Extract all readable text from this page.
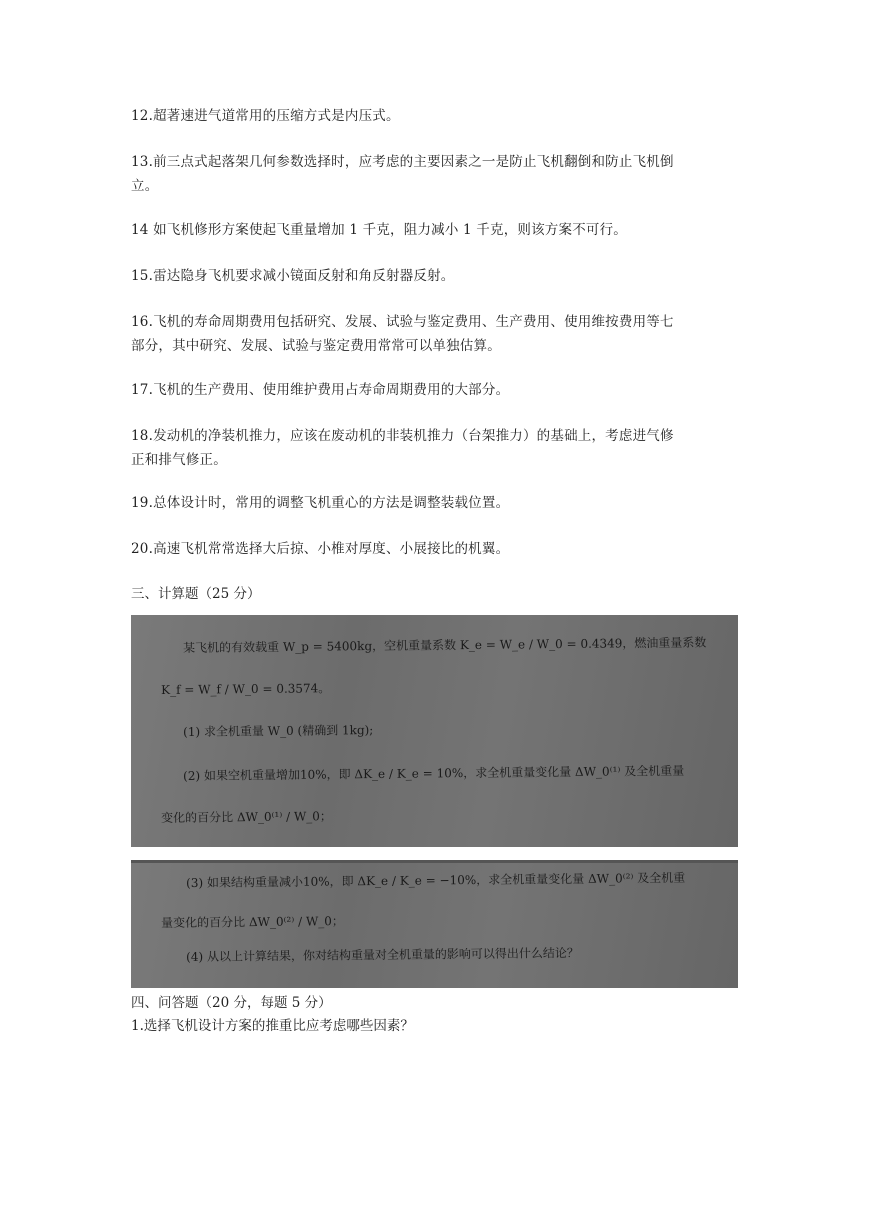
12.超著速进气道常用的压缩方式是内压式。

13.前三点式起落架几何参数选择时，应考虑的主要因素之一是防止飞机翻倒和防止飞机倒
立。

14 如飞机修形方案使起飞重量增加 1 千克，阻力减小 1 千克，则该方案不可行。

15.雷达隐身飞机要求减小镜面反射和角反射器反射。

16.飞机的寿命周期费用包括研究、发展、试验与鉴定费用、生产费用、使用维按费用等七
部分，其中研究、发展、试验与鉴定费用常常可以单独估算。

17.飞机的生产费用、使用维护费用占寿命周期费用的大部分。

18.发动机的净装机推力，应该在废动机的非装机推力（台架推力）的基础上，考虑进气修
正和排气修正。

19.总体设计时，常用的调整飞机重心的方法是调整装载位置。

20.高速飞机常常选择大后掠、小椎对厚度、小展接比的机翼。

三、计算题（25 分）

某飞机的有效载重 W_p = 5400kg，空机重量系数 K_e = W_e / W_0 = 0.4349，燃油重量系数
K_f = W_f / W_0 = 0.3574。
(1) 求全机重量 W_0 (精确到 1kg);
(2) 如果空机重量增加10%，即 ΔK_e / K_e = 10%，求全机重量变化量 ΔW_0⁽¹⁾ 及全机重量
变化的百分比 ΔW_0⁽¹⁾ / W_0；
(3) 如果结构重量减小10%，即 ΔK_e / K_e = −10%，求全机重量变化量 ΔW_0⁽²⁾ 及全机重
量变化的百分比 ΔW_0⁽²⁾ / W_0；
(4) 从以上计算结果，你对结构重量对全机重量的影响可以得出什么结论？

四、问答题（20 分，每题 5 分）

1.选择飞机设计方案的推重比应考虑哪些因素？
